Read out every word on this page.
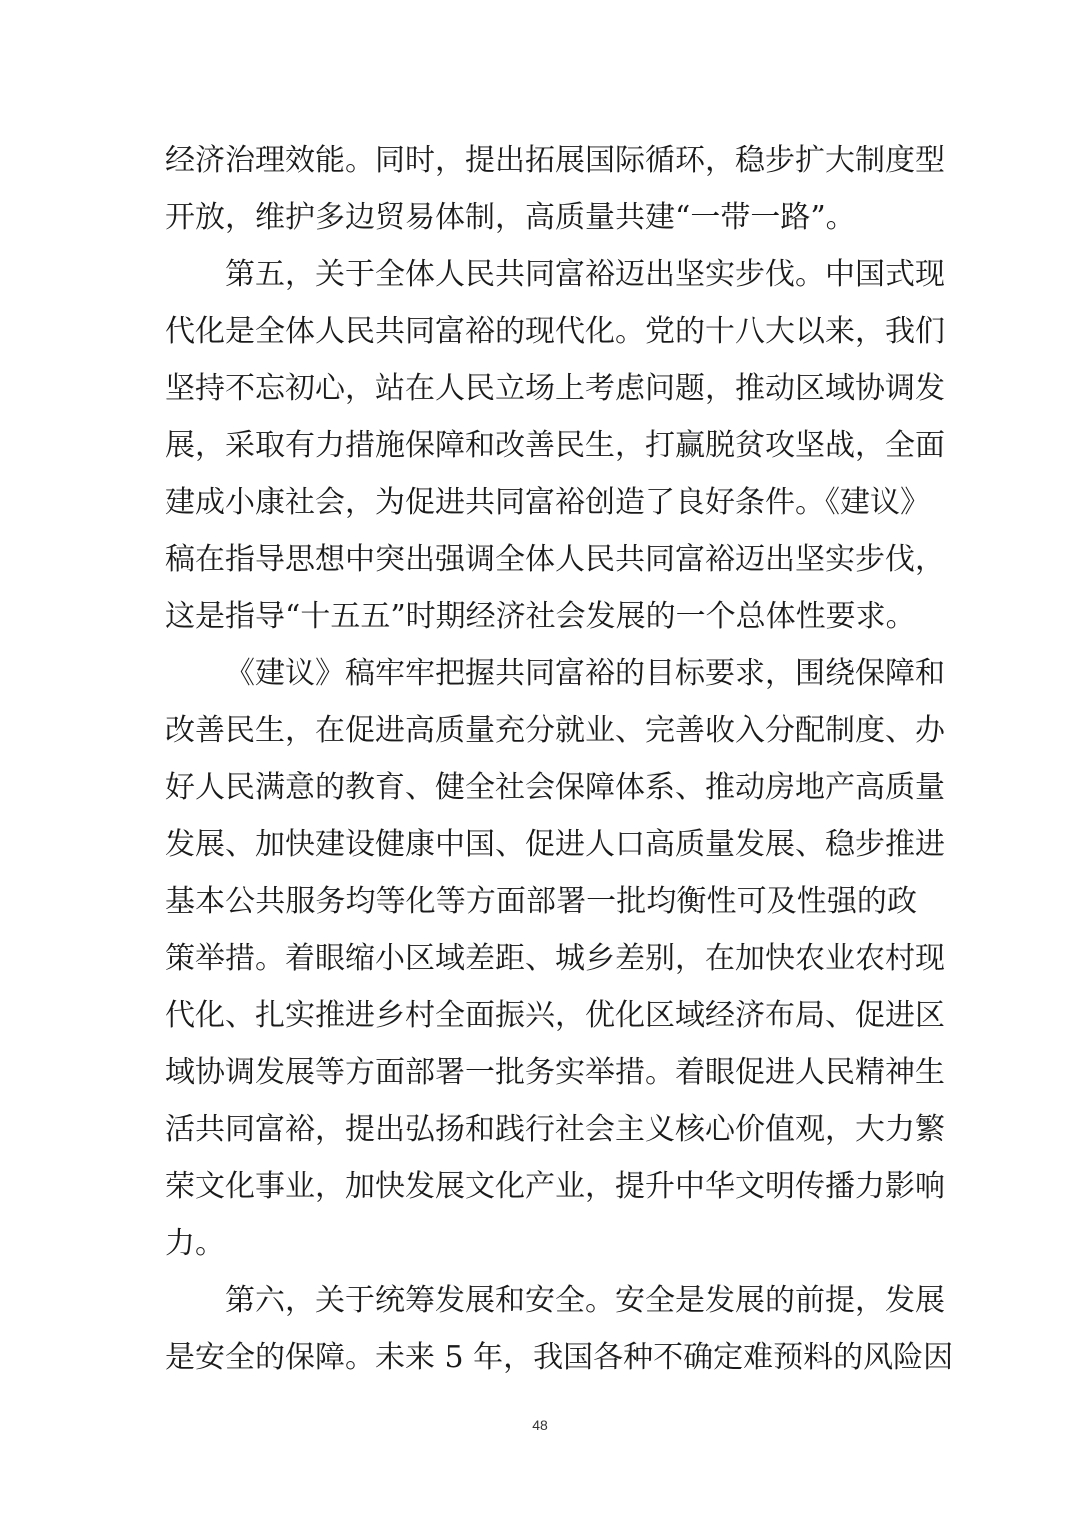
经济治理效能。同时，提出拓展国际循环，稳步扩大制度型
开放，维护多边贸易体制，高质量共建“一带一路”。
第五，关于全体人民共同富裕迈出坚实步伐。中国式现
代化是全体人民共同富裕的现代化。党的十八大以来，我们
坚持不忘初心，站在人民立场上考虑问题，推动区域协调发
展，采取有力措施保障和改善民生，打赢脱贫攻坚战，全面
建成小康社会，为促进共同富裕创造了良好条件。《建议》
稿在指导思想中突出强调全体人民共同富裕迈出坚实步伐，
这是指导“十五五”时期经济社会发展的一个总体性要求。
《建议》稿牢牢把握共同富裕的目标要求，围绕保障和
改善民生，在促进高质量充分就业、完善收入分配制度、办
好人民满意的教育、健全社会保障体系、推动房地产高质量
发展、加快建设健康中国、促进人口高质量发展、稳步推进
基本公共服务均等化等方面部署一批均衡性可及性强的政
策举措。着眼缩小区域差距、城乡差别，在加快农业农村现
代化、扎实推进乡村全面振兴，优化区域经济布局、促进区
域协调发展等方面部署一批务实举措。着眼促进人民精神生
活共同富裕，提出弘扬和践行社会主义核心价值观，大力繁
荣文化事业，加快发展文化产业，提升中华文明传播力影响
力。
第六，关于统筹发展和安全。安全是发展的前提，发展
是安全的保障。未来 5 年，我国各种不确定难预料的风险因
48
